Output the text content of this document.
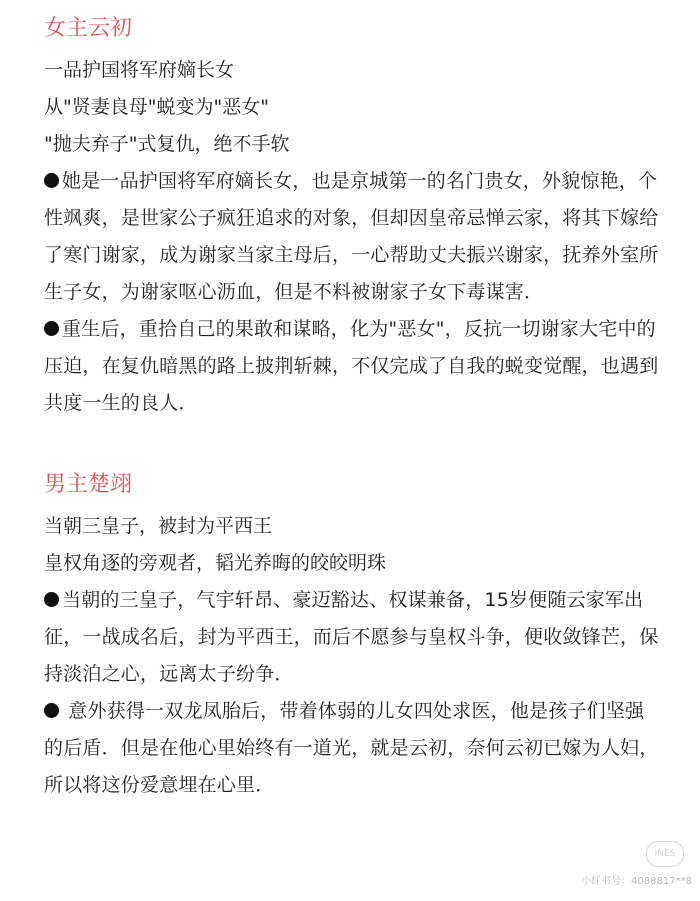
女主云初

一品护国将军府嫡长女

从"贤妻良母"蜕变为"恶女"

"抛夫弃子"式复仇，绝不手软

她是一品护国将军府嫡长女，也是京城第一的名门贵女，外貌惊艳，个性飒爽，是世家公子疯狂追求的对象，但却因皇帝忌惮云家，将其下嫁给了寒门谢家，成为谢家当家主母后，一心帮助丈夫振兴谢家，抚养外室所生子女，为谢家呕心沥血，但是不料被谢家子女下毒谋害．

重生后，重拾自己的果敢和谋略，化为"恶女"，反抗一切谢家大宅中的压迫，在复仇暗黑的路上披荆斩棘，不仅完成了自我的蜕变觉醒，也遇到共度一生的良人．

男主楚翊

当朝三皇子，被封为平西王

皇权角逐的旁观者，韬光养晦的皎皎明珠

当朝的三皇子，气宇轩昂、豪迈豁达、权谋兼备，15岁便随云家军出征，一战成名后，封为平西王，而后不愿参与皇权斗争，便收敛锋芒，保持淡泊之心，远离太子纷争．

意外获得一双龙凤胎后，带着体弱的儿女四处求医，他是孩子们坚强的后盾．但是在他心里始终有一道光，就是云初，奈何云初已嫁为人妇，所以将这份爱意埋在心里．

INES
小红书号：4088817**8
